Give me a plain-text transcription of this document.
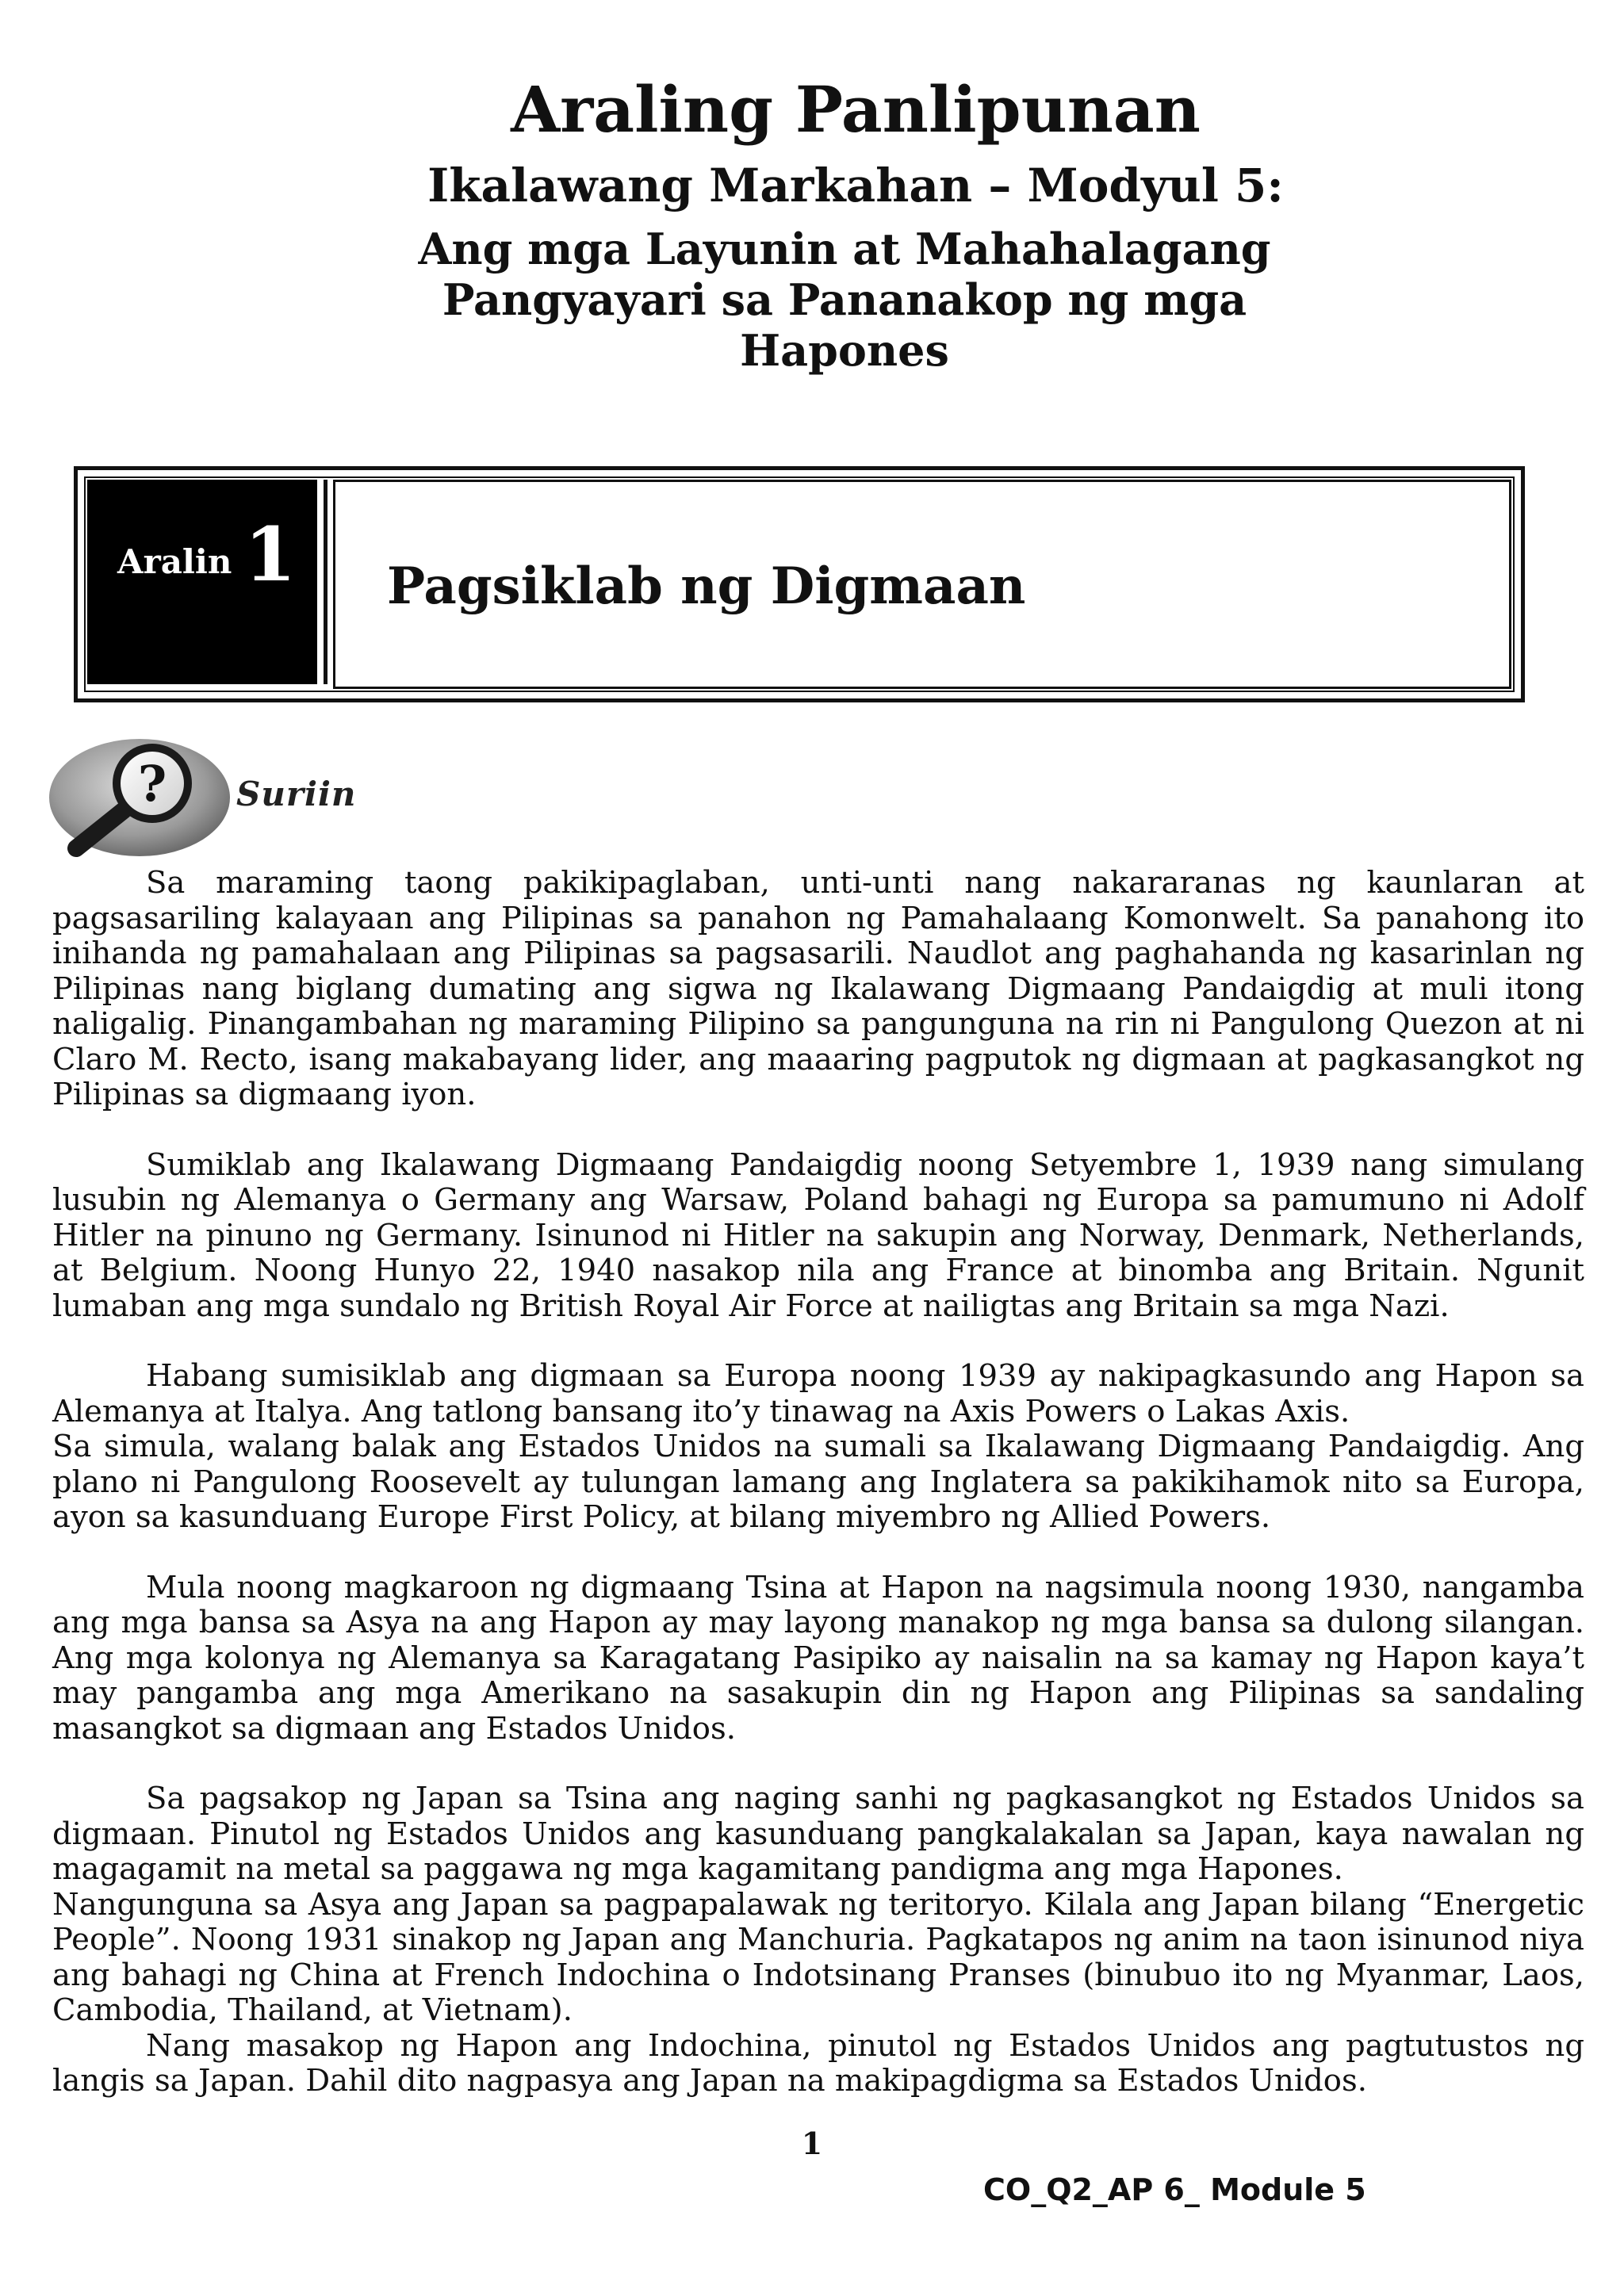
Araling Panlipunan
Ikalawang Markahan – Modyul 5:
Ang mga Layunin at Mahahalagang
Pangyayari sa Pananakop ng mga
Hapones
Aralin 1 Pagsiklab ng Digmaan
? Suriin

Sa maraming taong pakikipaglaban, unti-unti nang nakararanas ng kaunlaran at pagsasariling kalayaan ang Pilipinas sa panahon ng Pamahalaang Komonwelt. Sa panahong ito inihanda ng pamahalaan ang Pilipinas sa pagsasarili. Naudlot ang paghahanda ng kasarinlan ng Pilipinas nang biglang dumating ang sigwa ng Ikalawang Digmaang Pandaigdig at muli itong naligalig. Pinangambahan ng maraming Pilipino sa pangunguna na rin ni Pangulong Quezon at ni Claro M. Recto, isang makabayang lider, ang maaaring pagputok ng digmaan at pagkasangkot ng Pilipinas sa digmaang iyon.

Sumiklab ang Ikalawang Digmaang Pandaigdig noong Setyembre 1, 1939 nang simulang lusubin ng Alemanya o Germany ang Warsaw, Poland bahagi ng Europa sa pamumuno ni Adolf Hitler na pinuno ng Germany. Isinunod ni Hitler na sakupin ang Norway, Denmark, Netherlands, at Belgium. Noong Hunyo 22, 1940 nasakop nila ang France at binomba ang Britain. Ngunit lumaban ang mga sundalo ng British Royal Air Force at nailigtas ang Britain sa mga Nazi.

Habang sumisiklab ang digmaan sa Europa noong 1939 ay nakipagkasundo ang Hapon sa Alemanya at Italya. Ang tatlong bansang ito’y tinawag na Axis Powers o Lakas Axis.

Sa simula, walang balak ang Estados Unidos na sumali sa Ikalawang Digmaang Pandaigdig. Ang plano ni Pangulong Roosevelt ay tulungan lamang ang Inglatera sa pakikihamok nito sa Europa, ayon sa kasunduang Europe First Policy, at bilang miyembro ng Allied Powers.

Mula noong magkaroon ng digmaang Tsina at Hapon na nagsimula noong 1930, nangamba ang mga bansa sa Asya na ang Hapon ay may layong manakop ng mga bansa sa dulong silangan. Ang mga kolonya ng Alemanya sa Karagatang Pasipiko ay naisalin na sa kamay ng Hapon kaya’t may pangamba ang mga Amerikano na sasakupin din ng Hapon ang Pilipinas sa sandaling masangkot sa digmaan ang Estados Unidos.

Sa pagsakop ng Japan sa Tsina ang naging sanhi ng pagkasangkot ng Estados Unidos sa digmaan. Pinutol ng Estados Unidos ang kasunduang pangkalakalan sa Japan, kaya nawalan ng magagamit na metal sa paggawa ng mga kagamitang pandigma ang mga Hapones.

Nangunguna sa Asya ang Japan sa pagpapalawak ng teritoryo. Kilala ang Japan bilang “Energetic People”. Noong 1931 sinakop ng Japan ang Manchuria. Pagkatapos ng anim na taon isinunod niya ang bahagi ng China at French Indochina o Indotsinang Pranses (binubuo ito ng Myanmar, Laos, Cambodia, Thailand, at Vietnam).

Nang masakop ng Hapon ang Indochina, pinutol ng Estados Unidos ang pagtutustos ng langis sa Japan. Dahil dito nagpasya ang Japan na makipagdigma sa Estados Unidos.

1
CO_Q2_AP 6_ Module 5
